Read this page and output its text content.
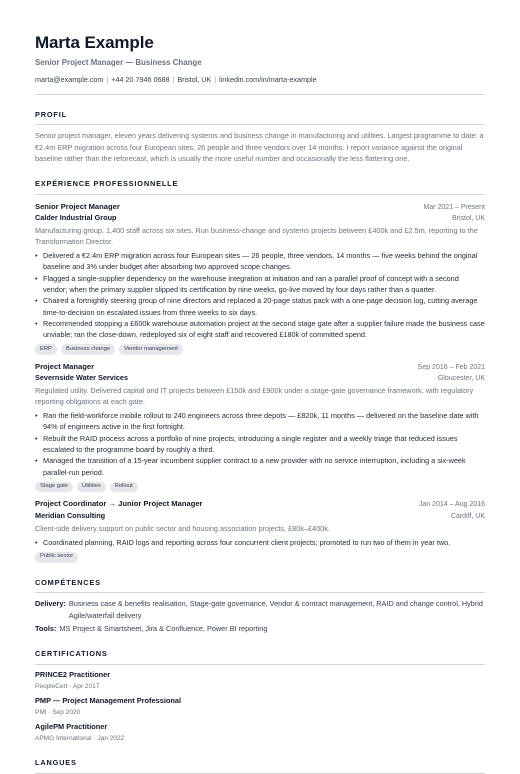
Marta Example
Senior Project Manager — Business Change
marta@example.com | +44 20 7946 0688 | Bristol, UK | linkedin.com/in/marta-example
PROFIL
Senior project manager, eleven years delivering systems and business change in manufacturing and utilities. Largest programme to date: a €2.4m ERP migration across four European sites, 26 people and three vendors over 14 months. I report variance against the original baseline rather than the reforecast, which is usually the more useful number and occasionally the less flattering one.
EXPÉRIENCE PROFESSIONNELLE
Senior Project Manager	Mar 2021 – Present
Calder Industrial Group	Bristol, UK
Manufacturing group, 1,400 staff across six sites. Run business-change and systems projects between £400k and £2.5m, reporting to the Transformation Director.
• Delivered a €2.4m ERP migration across four European sites — 26 people, three vendors, 14 months — five weeks behind the original baseline and 3% under budget after absorbing two approved scope changes.
• Flagged a single-supplier dependency on the warehouse integration at initiation and ran a parallel proof of concept with a second vendor; when the primary supplier slipped its certification by nine weeks, go-live moved by four days rather than a quarter.
• Chaired a fortnightly steering group of nine directors and replaced a 20-page status pack with a one-page decision log, cutting average time-to-decision on escalated issues from three weeks to six days.
• Recommended stopping a £600k warehouse automation project at the second stage gate after a supplier failure made the business case unviable; ran the close-down, redeployed six of eight staff and recovered £180k of committed spend.
ERP	Business change	Vendor management
Project Manager	Sep 2016 – Feb 2021
Severnside Water Services	Gloucester, UK
Regulated utility. Delivered capital and IT projects between £150k and £900k under a stage-gate governance framework, with regulatory reporting obligations at each gate.
• Ran the field-workforce mobile rollout to 240 engineers across three depots — £820k, 11 months — delivered on the baseline date with 94% of engineers active in the first fortnight.
• Rebuilt the RAID process across a portfolio of nine projects, introducing a single register and a weekly triage that reduced issues escalated to the programme board by roughly a third.
• Managed the transition of a 15-year incumbent supplier contract to a new provider with no service interruption, including a six-week parallel-run period.
Stage gate	Utilities	Rollout
Project Coordinator → Junior Project Manager	Jan 2014 – Aug 2016
Meridian Consulting	Cardiff, UK
Client-side delivery support on public sector and housing association projects, £80k–£400k.
• Coordinated planning, RAID logs and reporting across four concurrent client projects; promoted to run two of them in year two.
Public sector
COMPÉTENCES
Delivery: Business case & benefits realisation, Stage-gate governance, Vendor & contract management, RAID and change control, Hybrid Agile/waterfall delivery
Tools: MS Project & Smartsheet, Jira & Confluence, Power BI reporting
CERTIFICATIONS
PRINCE2 Practitioner
PeopleCert · Apr 2017
PMP — Project Management Professional
PMI · Sep 2020
AgilePM Practitioner
APMG International · Jan 2022
LANGUES
